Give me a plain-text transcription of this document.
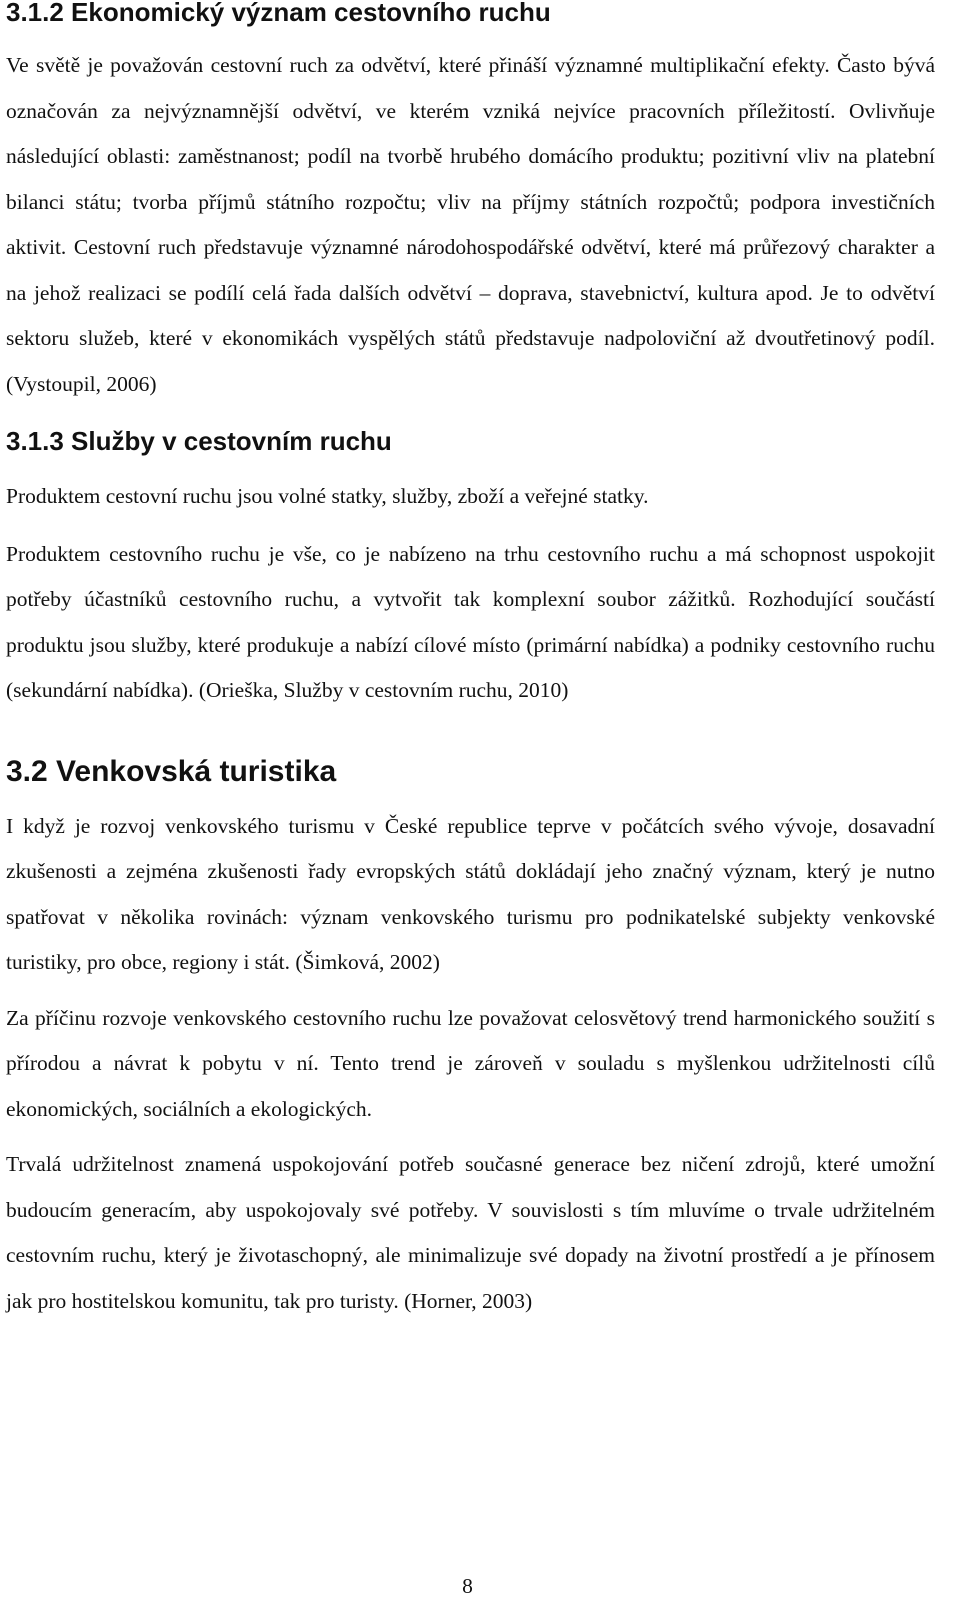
3.1.2 Ekonomický význam cestovního ruchu

Ve světě je považován cestovní ruch za odvětví, které přináší významné multiplikační efekty. Často bývá označován za nejvýznamnější odvětví, ve kterém vzniká nejvíce pracovních příležitostí. Ovlivňuje následující oblasti: zaměstnanost; podíl na tvorbě hrubého domácího produktu; pozitivní vliv na platební bilanci státu; tvorba příjmů státního rozpočtu; vliv na příjmy státních rozpočtů; podpora investičních aktivit. Cestovní ruch představuje významné národohospodářské odvětví, které má průřezový charakter a na jehož realizaci se podílí celá řada dalších odvětví – doprava, stavebnictví, kultura apod. Je to odvětví sektoru služeb, které v ekonomikách vyspělých států představuje nadpoloviční až dvoutřetinový podíl. (Vystoupil, 2006)

3.1.3 Služby v cestovním ruchu

Produktem cestovní ruchu jsou volné statky, služby, zboží a veřejné statky.

Produktem cestovního ruchu je vše, co je nabízeno na trhu cestovního ruchu a má schopnost uspokojit potřeby účastníků cestovního ruchu, a vytvořit tak komplexní soubor zážitků. Rozhodující součástí produktu jsou služby, které produkuje a nabízí cílové místo (primární nabídka) a podniky cestovního ruchu (sekundární nabídka). (Orieška, Služby v cestovním ruchu, 2010)

3.2 Venkovská turistika

I když je rozvoj venkovského turismu v České republice teprve v počátcích svého vývoje, dosavadní zkušenosti a zejména zkušenosti řady evropských států dokládají jeho značný význam, který je nutno spatřovat v několika rovinách: význam venkovského turismu pro podnikatelské subjekty venkovské turistiky, pro obce, regiony i stát. (Šimková, 2002)

Za příčinu rozvoje venkovského cestovního ruchu lze považovat celosvětový trend harmonického soužití s přírodou a návrat k pobytu v ní. Tento trend je zároveň v souladu s myšlenkou udržitelnosti cílů ekonomických, sociálních a ekologických.

Trvalá udržitelnost znamená uspokojování potřeb současné generace bez ničení zdrojů, které umožní budoucím generacím, aby uspokojovaly své potřeby. V souvislosti s tím mluvíme o trvale udržitelném cestovním ruchu, který je životaschopný, ale minimalizuje své dopady na životní prostředí a je přínosem jak pro hostitelskou komunitu, tak pro turisty. (Horner, 2003)

8
